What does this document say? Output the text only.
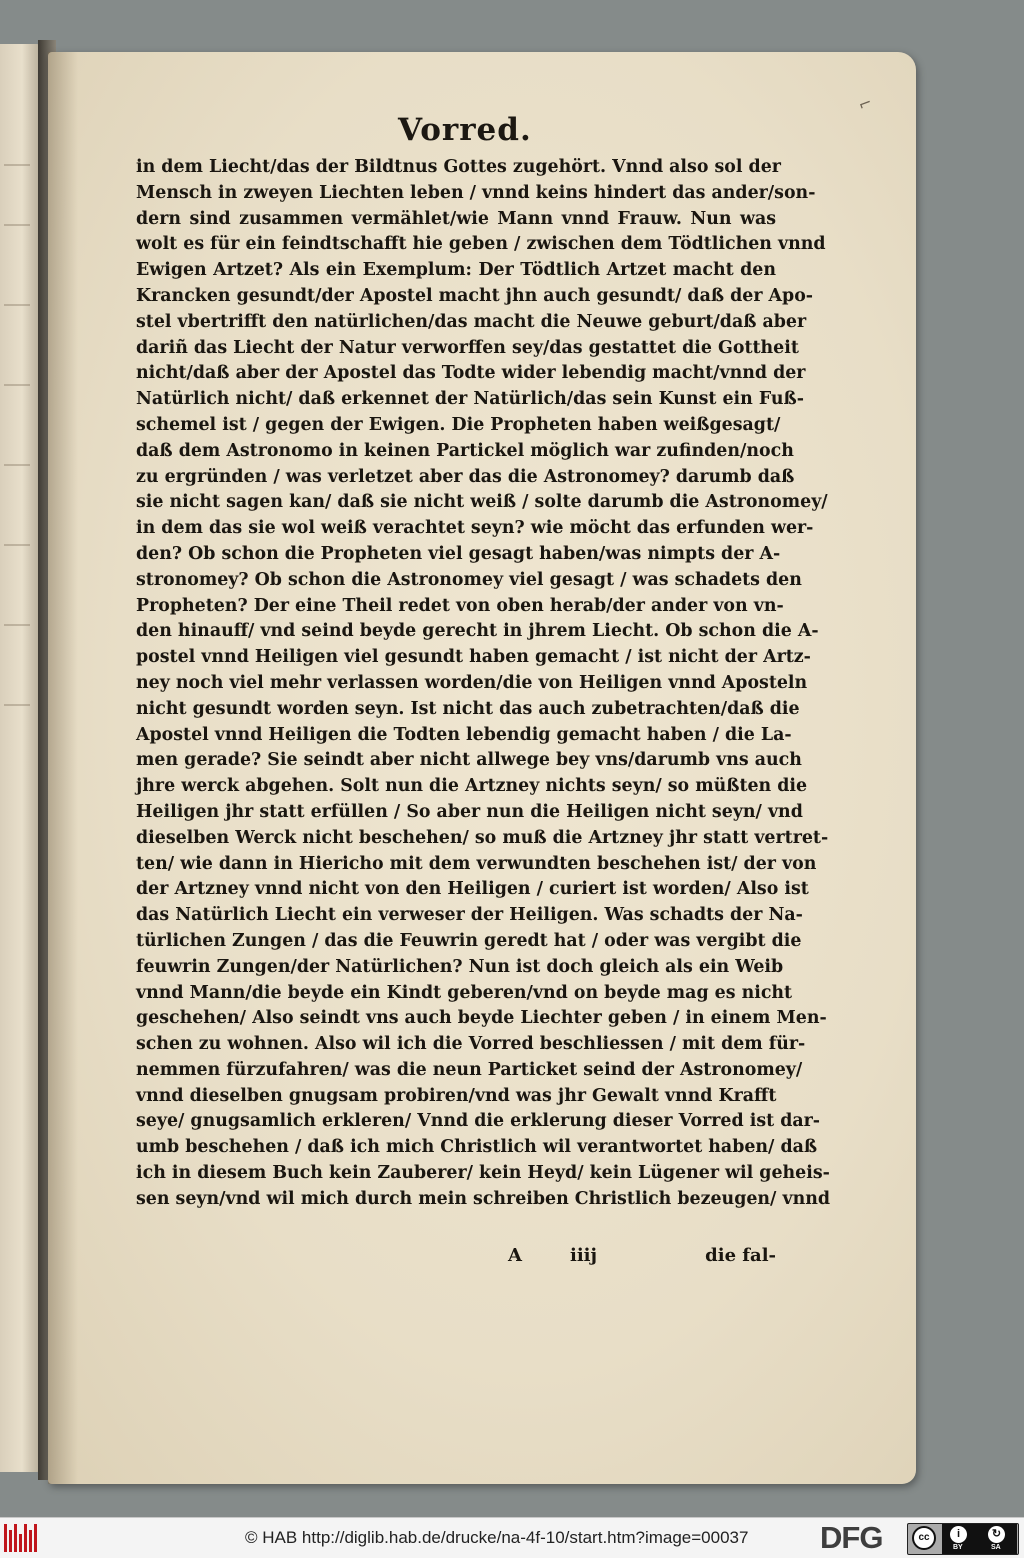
⌐
Vorred.
in dem Liecht/das der Bildtnus Gottes zugehört. Vnnd also sol der
Mensch in zweyen Liechten leben / vnnd keins hindert das ander/son-
dern sind zusammen vermählet/wie Mann vnnd Frauw. Nun was
wolt es für ein feindtschafft hie geben / zwischen dem Tödtlichen vnnd
Ewigen Artzet? Als ein Exemplum: Der Tödtlich Artzet macht den
Krancken gesundt/der Apostel macht jhn auch gesundt/ daß der Apo-
stel vbertrifft den natürlichen/das macht die Neuwe geburt/daß aber
dariñ das Liecht der Natur verworffen sey/das gestattet die Gottheit
nicht/daß aber der Apostel das Todte wider lebendig macht/vnnd der
Natürlich nicht/ daß erkennet der Natürlich/das sein Kunst ein Fuß-
schemel ist / gegen der Ewigen. Die Propheten haben weißgesagt/
daß dem Astronomo in keinen Partickel möglich war zufinden/noch
zu ergründen / was verletzet aber das die Astronomey? darumb daß
sie nicht sagen kan/ daß sie nicht weiß / solte darumb die Astronomey/
in dem das sie wol weiß verachtet seyn? wie möcht das erfunden wer-
den? Ob schon die Propheten viel gesagt haben/was nimpts der A-
stronomey? Ob schon die Astronomey viel gesagt / was schadets den
Propheten? Der eine Theil redet von oben herab/der ander von vn-
den hinauff/ vnd seind beyde gerecht in jhrem Liecht. Ob schon die A-
postel vnnd Heiligen viel gesundt haben gemacht / ist nicht der Artz-
ney noch viel mehr verlassen worden/die von Heiligen vnnd Aposteln
nicht gesundt worden seyn. Ist nicht das auch zubetrachten/daß die
Apostel vnnd Heiligen die Todten lebendig gemacht haben / die La-
men gerade? Sie seindt aber nicht allwege bey vns/darumb vns auch
jhre werck abgehen. Solt nun die Artzney nichts seyn/ so müßten die
Heiligen jhr statt erfüllen / So aber nun die Heiligen nicht seyn/ vnd
dieselben Werck nicht beschehen/ so muß die Artzney jhr statt vertret-
ten/ wie dann in Hiericho mit dem verwundten beschehen ist/ der von
der Artzney vnnd nicht von den Heiligen / curiert ist worden/ Also ist
das Natürlich Liecht ein verweser der Heiligen. Was schadts der Na-
türlichen Zungen / das die Feuwrin geredt hat / oder was vergibt die
feuwrin Zungen/der Natürlichen? Nun ist doch gleich als ein Weib
vnnd Mann/die beyde ein Kindt geberen/vnd on beyde mag es nicht
geschehen/ Also seindt vns auch beyde Liechter geben / in einem Men-
schen zu wohnen. Also wil ich die Vorred beschliessen / mit dem für-
nemmen fürzufahren/ was die neun Particket seind der Astronomey/
vnnd dieselben gnugsam probiren/vnd was jhr Gewalt vnnd Krafft
seye/ gnugsamlich erkleren/ Vnnd die erklerung dieser Vorred ist dar-
umb beschehen / daß ich mich Christlich wil verantwortet haben/ daß
ich in diesem Buch kein Zauberer/ kein Heyd/ kein Lügener wil geheis-
sen seyn/vnd wil mich durch mein schreiben Christlich bezeugen/ vnnd
A	iiij	die fal-
© HAB http://diglib.hab.de/drucke/na-4f-10/start.htm?image=00037 DFG	cc	i	↻
BY	SA
